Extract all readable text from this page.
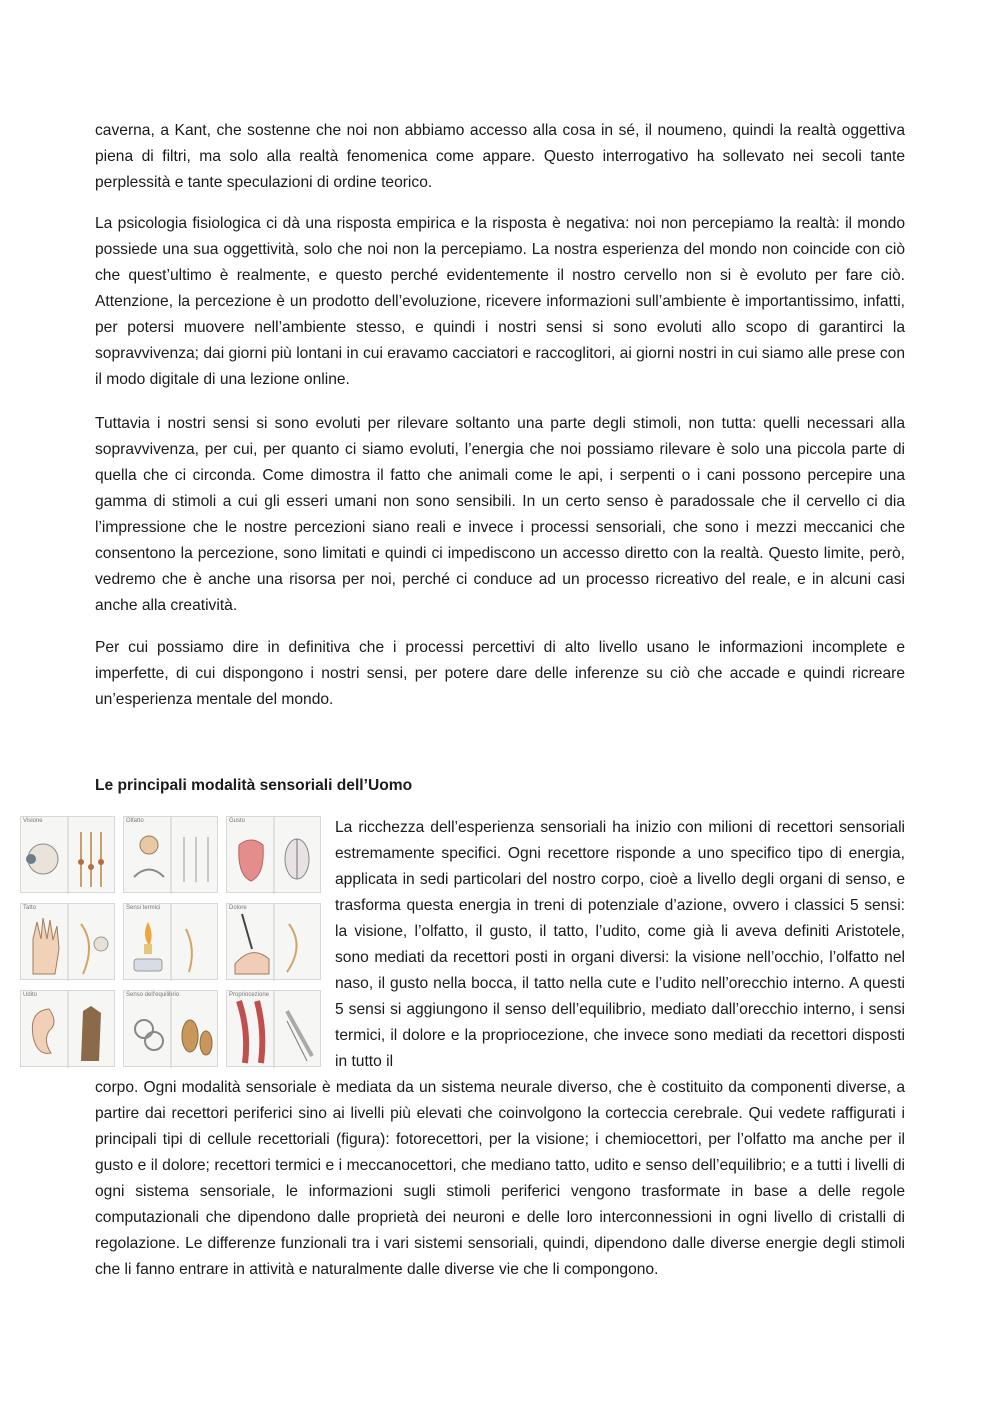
caverna, a Kant, che sostenne che noi non abbiamo accesso alla cosa in sé, il noumeno, quindi la realtà oggettiva piena di filtri, ma solo alla realtà fenomenica come appare. Questo interrogativo ha sollevato nei secoli tante perplessità e tante speculazioni di ordine teorico.

La psicologia fisiologica ci dà una risposta empirica e la risposta è negativa: noi non percepiamo la realtà: il mondo possiede una sua oggettività, solo che noi non la percepiamo. La nostra esperienza del mondo non coincide con ciò che quest’ultimo è realmente, e questo perché evidentemente il nostro cervello non si è evoluto per fare ciò. Attenzione, la percezione è un prodotto dell’evoluzione, ricevere informazioni sull’ambiente è importantissimo, infatti, per potersi muovere nell’ambiente stesso, e quindi i nostri sensi si sono evoluti allo scopo di garantirci la sopravvivenza; dai giorni più lontani in cui eravamo cacciatori e raccoglitori, ai giorni nostri in cui siamo alle prese con il modo digitale di una lezione online.

Tuttavia i nostri sensi si sono evoluti per rilevare soltanto una parte degli stimoli, non tutta: quelli necessari alla sopravvivenza, per cui, per quanto ci siamo evoluti, l’energia che noi possiamo rilevare è solo una piccola parte di quella che ci circonda. Come dimostra il fatto che animali come le api, i serpenti o i cani possono percepire una gamma di stimoli a cui gli esseri umani non sono sensibili. In un certo senso è paradossale che il cervello ci dia l’impressione che le nostre percezioni siano reali e invece i processi sensoriali, che sono i mezzi meccanici che consentono la percezione, sono limitati e quindi ci impediscono un accesso diretto con la realtà. Questo limite, però, vedremo che è anche una risorsa per noi, perché ci conduce ad un processo ricreativo del reale, e in alcuni casi anche alla creatività.

Per cui possiamo dire in definitiva che i processi percettivi di alto livello usano le informazioni incomplete e imperfette, di cui dispongono i nostri sensi, per potere dare delle inferenze su ciò che accade e quindi ricreare un’esperienza mentale del mondo.

Le principali modalità sensoriali dell’Uomo
Visione	Olfatto	Gusto
Tatto	Sensi termici	Dolore
Udito	Senso dell'equilibrio	Propriocezione

La ricchezza dell’esperienza sensoriali ha inizio con milioni di recettori sensoriali estremamente specifici. Ogni recettore risponde a uno specifico tipo di energia, applicata in sedi particolari del nostro corpo, cioè a livello degli organi di senso, e trasforma questa energia in treni di potenziale d’azione, ovvero i classici 5 sensi: la visione, l’olfatto, il gusto, il tatto, l’udito, come già li aveva definiti Aristotele, sono mediati da recettori posti in organi diversi: la visione nell’occhio, l’olfatto nel naso, il gusto nella bocca, il tatto nella cute e l’udito nell’orecchio interno. A questi 5 sensi si aggiungono il senso dell’equilibrio, mediato dall’orecchio interno, i sensi termici, il dolore e la propriocezione, che invece sono mediati da recettori disposti in tutto il

corpo. Ogni modalità sensoriale è mediata da un sistema neurale diverso, che è costituito da componenti diverse, a partire dai recettori periferici sino ai livelli più elevati che coinvolgono la corteccia cerebrale. Qui vedete raffigurati i principali tipi di cellule recettoriali (figura): fotorecettori, per la visione; i chemiocettori, per l’olfatto ma anche per il gusto e il dolore; recettori termici e i meccanocettori, che mediano tatto, udito e senso dell’equilibrio; e a tutti i livelli di ogni sistema sensoriale, le informazioni sugli stimoli periferici vengono trasformate in base a delle regole computazionali che dipendono dalle proprietà dei neuroni e delle loro interconnessioni in ogni livello di cristalli di regolazione. Le differenze funzionali tra i vari sistemi sensoriali, quindi, dipendono dalle diverse energie degli stimoli che li fanno entrare in attività e naturalmente dalle diverse vie che li compongono.
